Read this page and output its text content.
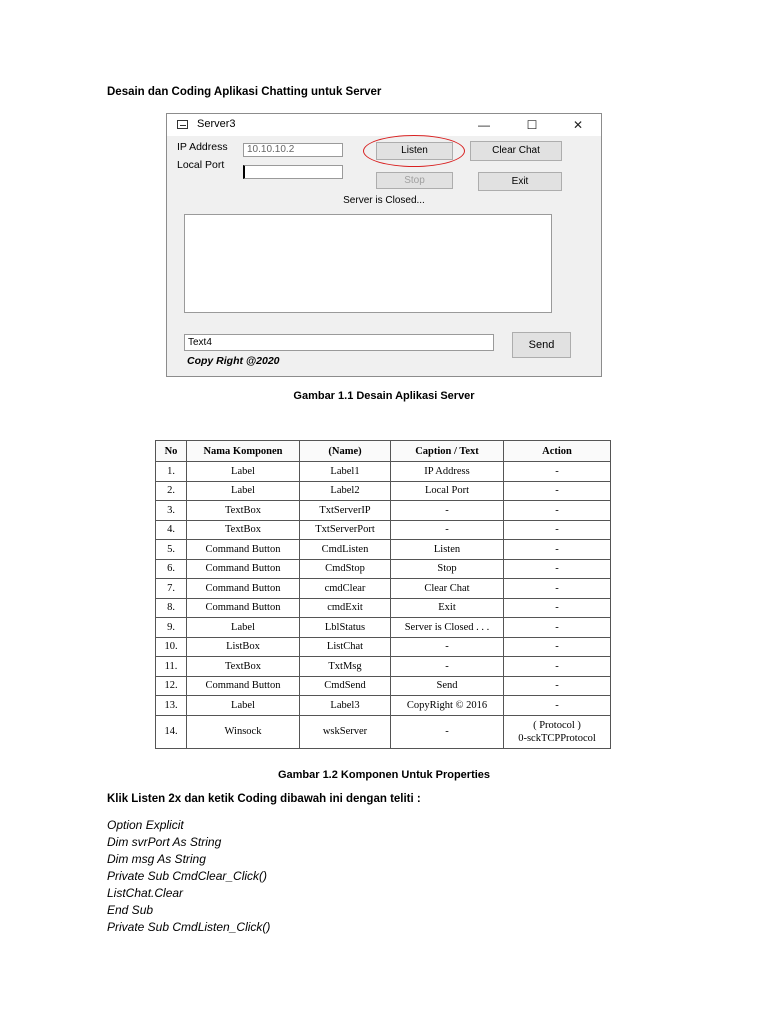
Desain dan Coding Aplikasi Chatting untuk Server
Server3	—	☐	✕
IP Address
Local Port
10.10.10.2	Listen
Stop
Clear Chat
Exit
Server is Closed...
Text4	Send
Copy Right @2020
Gambar 1.1 Desain Aplikasi Server
No	Nama Komponen	(Name)	Caption / Text	Action
1.	Label	Label1	IP Address	-
2.	Label	Label2	Local Port	-
3.	TextBox	TxtServerIP	-	-
4.	TextBox	TxtServerPort	-	-
5.	Command Button	CmdListen	Listen	-
6.	Command Button	CmdStop	Stop	-
7.	Command Button	cmdClear	Clear Chat	-
8.	Command Button	cmdExit	Exit	-
9.	Label	LblStatus	Server is Closed . . .	-
10.	ListBox	ListChat	-	-
11.	TextBox	TxtMsg	-	-
12.	Command Button	CmdSend	Send	-
13.	Label	Label3	CopyRight © 2016	-
14.	Winsock	wskServer	-	( Protocol )
0-sckTCPProtocol
Gambar 1.2 Komponen Untuk Properties
Klik Listen 2x dan ketik Coding dibawah ini dengan teliti :
Option Explicit
Dim svrPort As String
Dim msg As String
Private Sub CmdClear_Click()
ListChat.Clear
End Sub
Private Sub CmdListen_Click()
